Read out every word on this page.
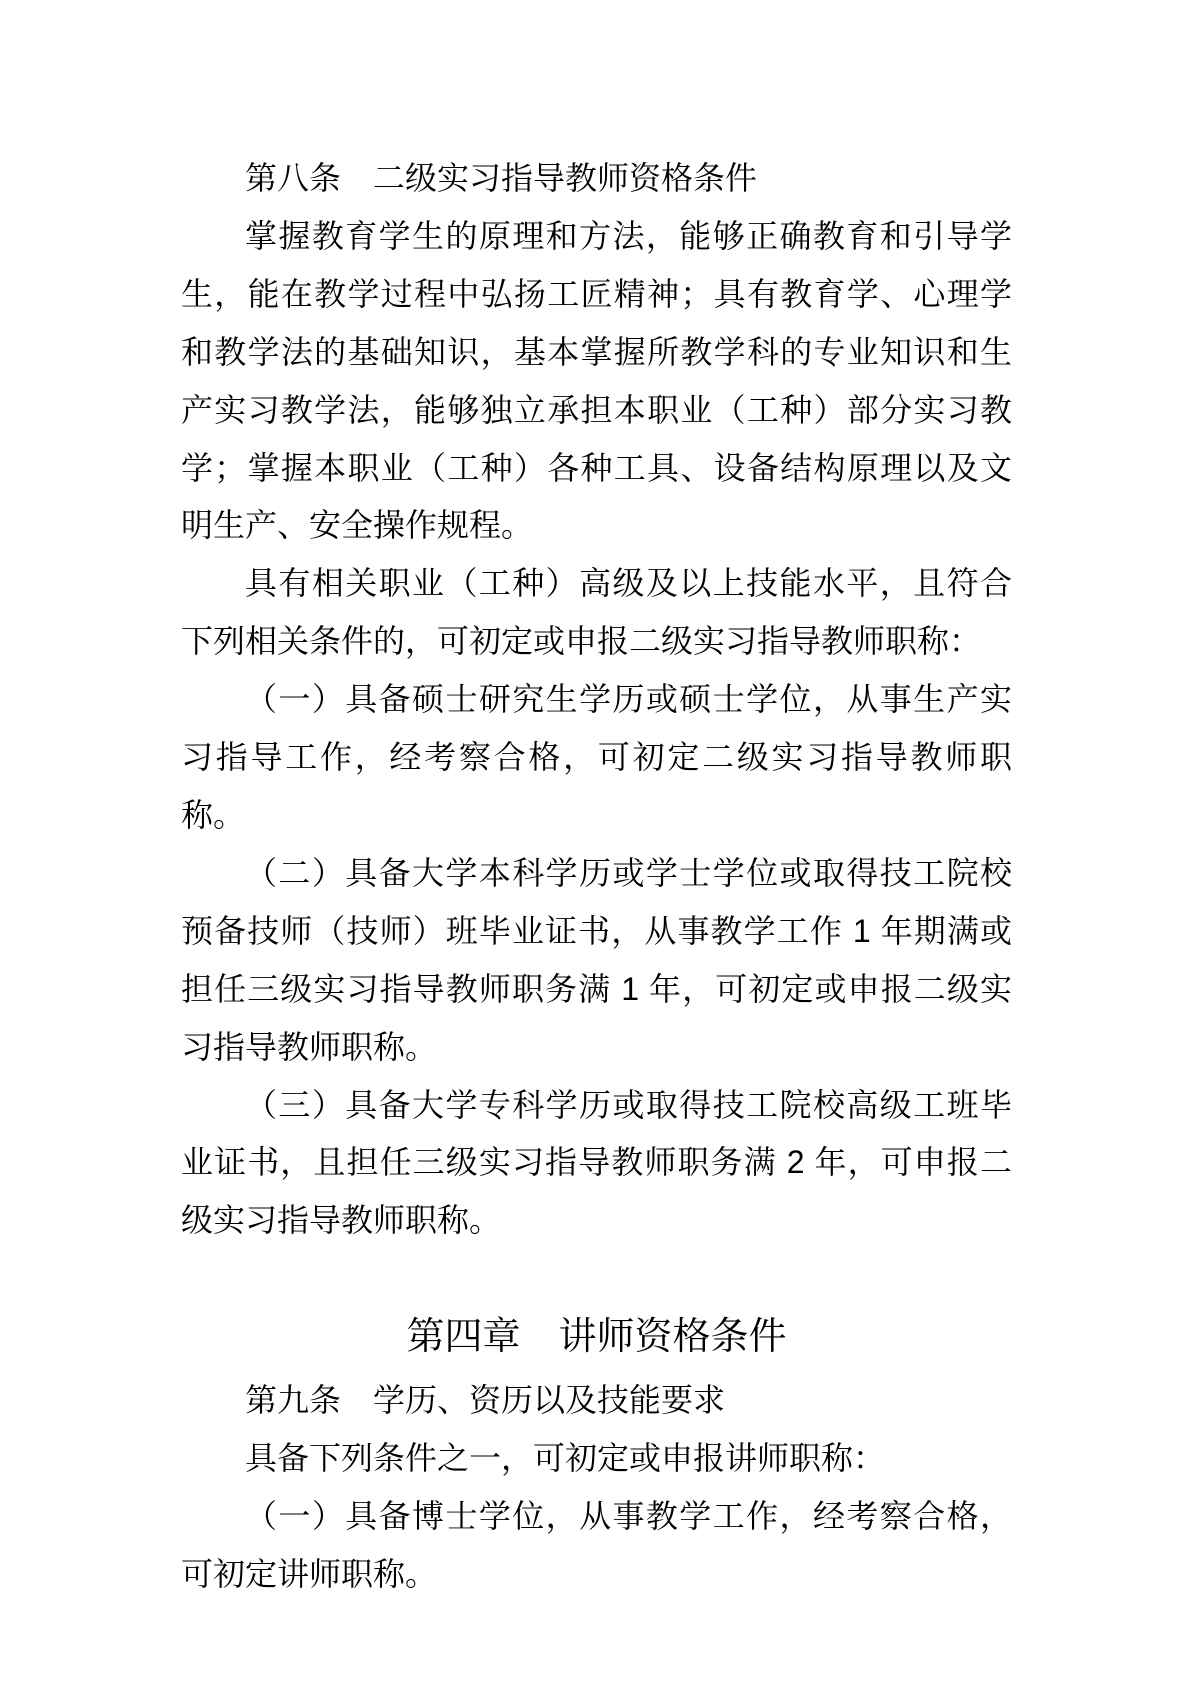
第八条　二级实习指导教师资格条件

掌握教育学生的原理和方法，能够正确教育和引导学生，能在教学过程中弘扬工匠精神；具有教育学、心理学和教学法的基础知识，基本掌握所教学科的专业知识和生产实习教学法，能够独立承担本职业（工种）部分实习教学；掌握本职业（工种）各种工具、设备结构原理以及文明生产、安全操作规程。

具有相关职业（工种）高级及以上技能水平，且符合下列相关条件的，可初定或申报二级实习指导教师职称：

（一）具备硕士研究生学历或硕士学位，从事生产实习指导工作，经考察合格，可初定二级实习指导教师职称。

（二）具备大学本科学历或学士学位或取得技工院校预备技师（技师）班毕业证书，从事教学工作 1 年期满或担任三级实习指导教师职务满 1 年，可初定或申报二级实习指导教师职称。

（三）具备大学专科学历或取得技工院校高级工班毕业证书，且担任三级实习指导教师职务满 2 年，可申报二级实习指导教师职称。

第四章　讲师资格条件

第九条　学历、资历以及技能要求

具备下列条件之一，可初定或申报讲师职称：

（一）具备博士学位，从事教学工作，经考察合格，可初定讲师职称。
